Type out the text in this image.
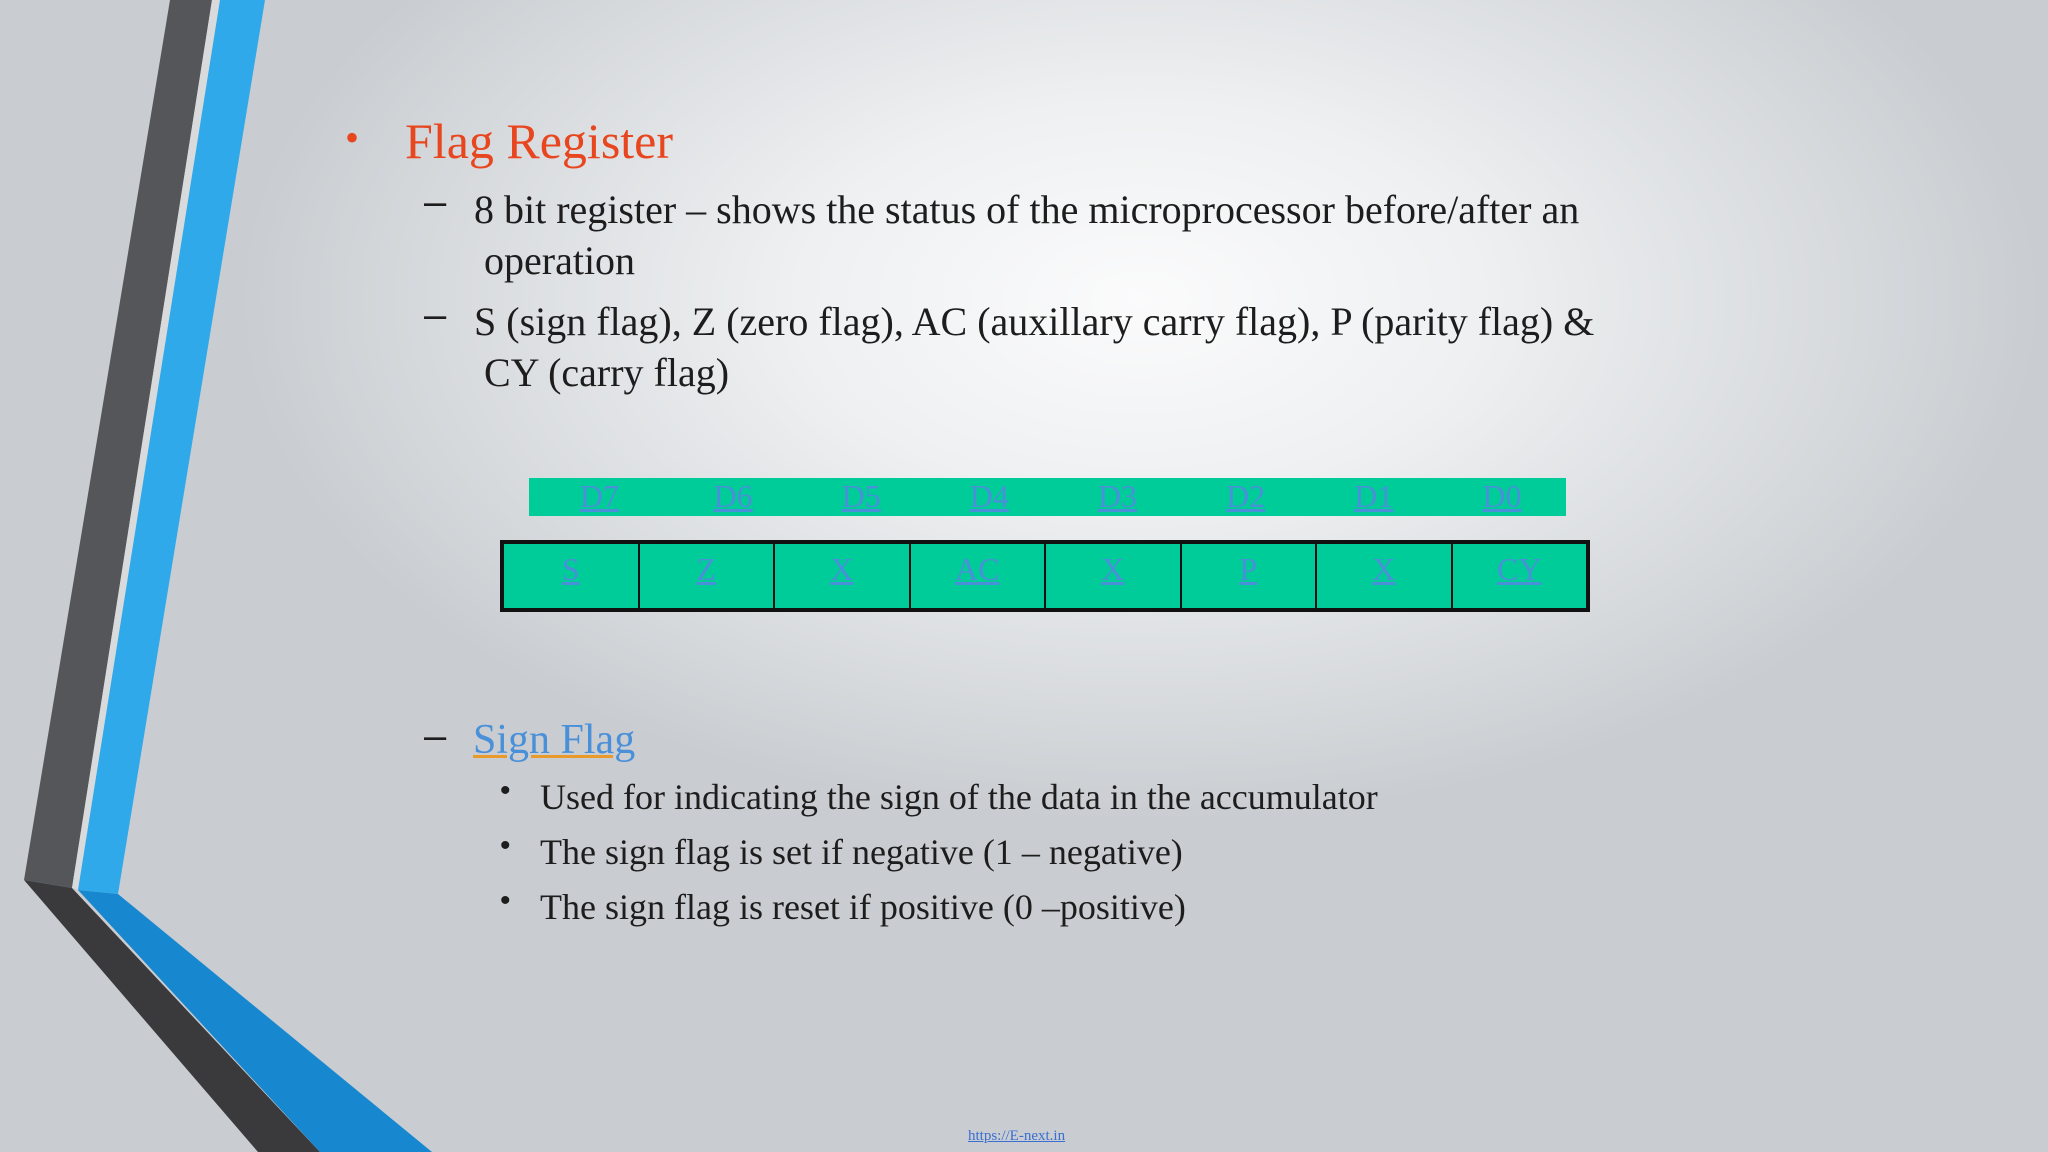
• Flag Register
– 8 bit register – shows the status of the microprocessor before/after an
operation
– S (sign flag), Z (zero flag), AC (auxillary carry flag), P (parity flag) &
CY (carry flag)
D7	D6	D5	D4	D3	D2	D1	D0
S	Z	X	AC	X	P	X	CY
– Sign Flag
• Used for indicating the sign of the data in the accumulator
• The sign flag is set if negative (1 – negative)
• The sign flag is reset if positive (0 –positive)
https://E-next.in
